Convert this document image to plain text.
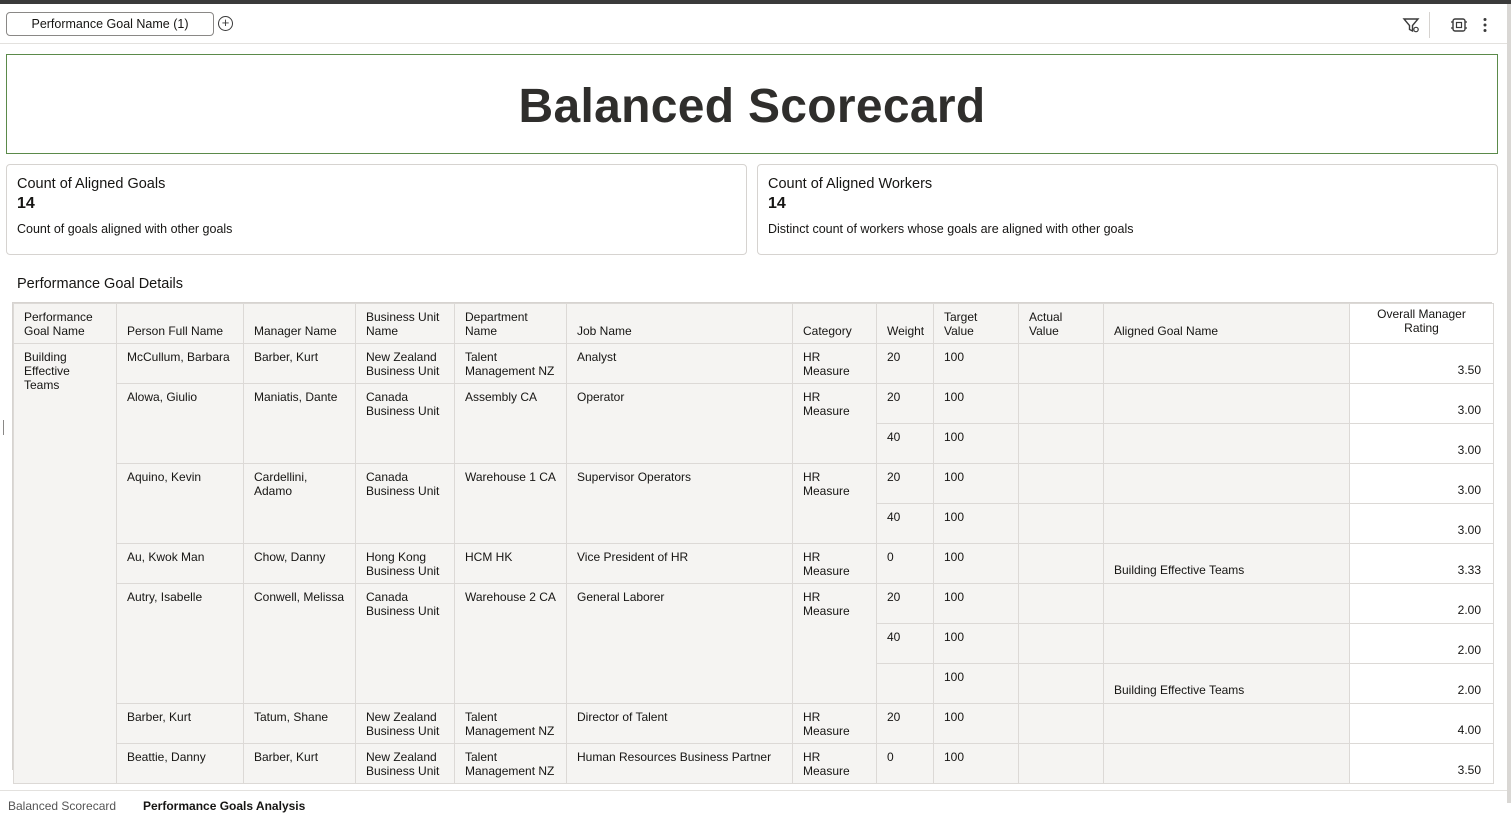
Performance Goal Name (1)	+
Balanced Scorecard
Count of Aligned Goals
14
Count of goals aligned with other goals
Count of Aligned Workers
14
Distinct count of workers whose goals are aligned with other goals
Performance Goal Details
Performance Goal Name	Person Full Name	Manager Name	Business Unit Name	Department Name	Job Name	Category	Weight	Target Value	Actual Value	Aligned Goal Name	Overall Manager Rating
Building Effective Teams	McCullum, Barbara	Barber, Kurt	New Zealand Business Unit	Talent Management NZ	Analyst	HR Measure	20	100			3.50
	Alowa, Giulio	Maniatis, Dante	Canada Business Unit	Assembly CA	Operator	HR Measure	20	100			3.00
							40	100			3.00
	Aquino, Kevin	Cardellini, Adamo	Canada Business Unit	Warehouse 1 CA	Supervisor Operators	HR Measure	20	100			3.00
							40	100			3.00
	Au, Kwok Man	Chow, Danny	Hong Kong Business Unit	HCM HK	Vice President of HR	HR Measure	0	100		Building Effective Teams	3.33
	Autry, Isabelle	Conwell, Melissa	Canada Business Unit	Warehouse 2 CA	General Laborer	HR Measure	20	100			2.00
							40	100			2.00
								100		Building Effective Teams	2.00
	Barber, Kurt	Tatum, Shane	New Zealand Business Unit	Talent Management NZ	Director of Talent	HR Measure	20	100			4.00
	Beattie, Danny	Barber, Kurt	New Zealand Business Unit	Talent Management NZ	Human Resources Business Partner	HR Measure	0	100			3.50
Balanced Scorecard Performance Goals Analysis
